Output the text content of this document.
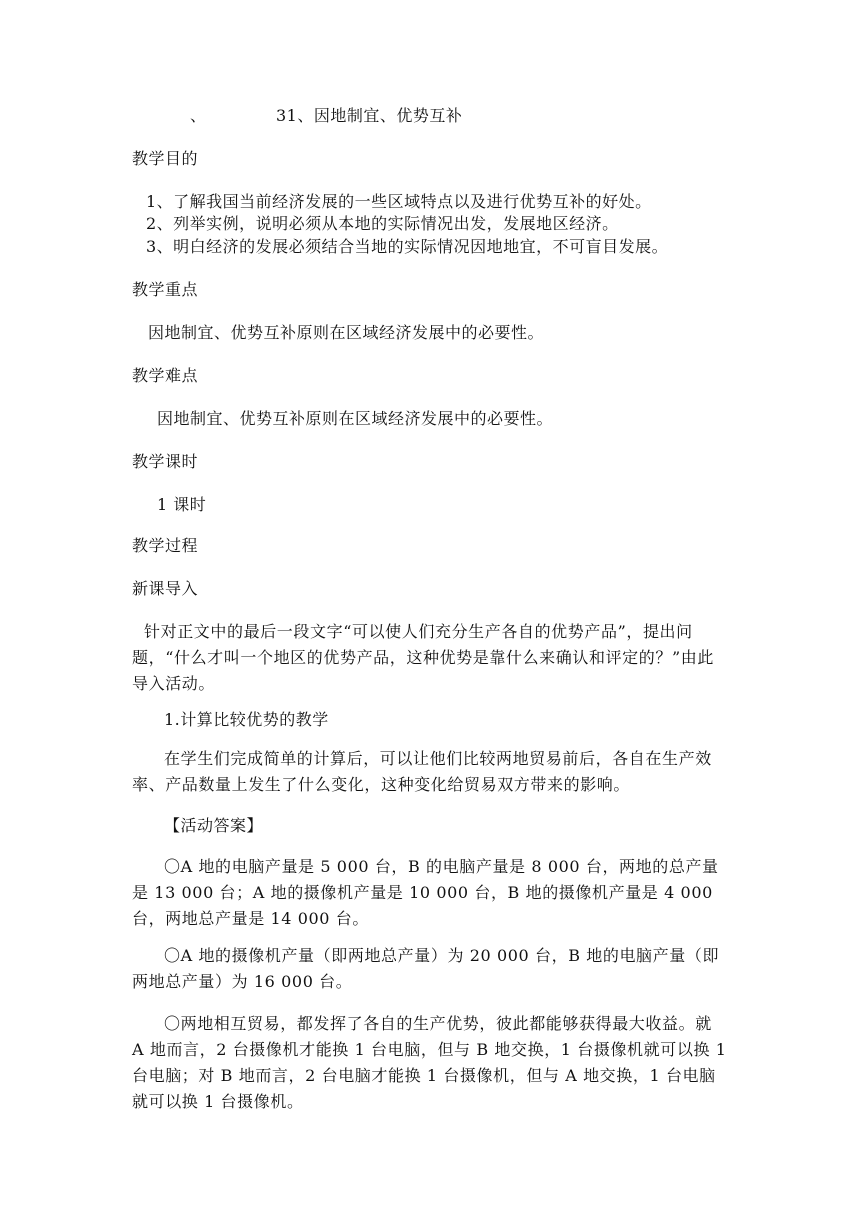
、	31、因地制宜、优势互补
教学目的
1、了解我国当前经济发展的一些区域特点以及进行优势互补的好处。
2、列举实例，说明必须从本地的实际情况出发，发展地区经济。
3、明白经济的发展必须结合当地的实际情况因地地宜，不可盲目发展。
教学重点
因地制宜、优势互补原则在区域经济发展中的必要性。
教学难点
因地制宜、优势互补原则在区域经济发展中的必要性。
教学课时
1 课时
教学过程
新课导入
针对正文中的最后一段文字“可以使人们充分生产各自的优势产品”，提出问题，“什么才叫一个地区的优势产品，这种优势是靠什么来确认和评定的？”由此导入活动。
1.计算比较优势的教学
在学生们完成简单的计算后，可以让他们比较两地贸易前后，各自在生产效率、产品数量上发生了什么变化，这种变化给贸易双方带来的影响。
【活动答案】
〇A 地的电脑产量是 5 000 台，B 的电脑产量是 8 000 台，两地的总产量是 13 000 台；A 地的摄像机产量是 10 000 台，B 地的摄像机产量是 4 000 台，两地总产量是 14 000 台。
〇A 地的摄像机产量（即两地总产量）为 20 000 台，B 地的电脑产量（即两地总产量）为 16 000 台。
〇两地相互贸易，都发挥了各自的生产优势，彼此都能够获得最大收益。就 A 地而言，2 台摄像机才能换 1 台电脑，但与 B 地交换，1 台摄像机就可以换 1 台电脑；对 B 地而言，2 台电脑才能换 1 台摄像机，但与 A 地交换，1 台电脑就可以换 1 台摄像机。
